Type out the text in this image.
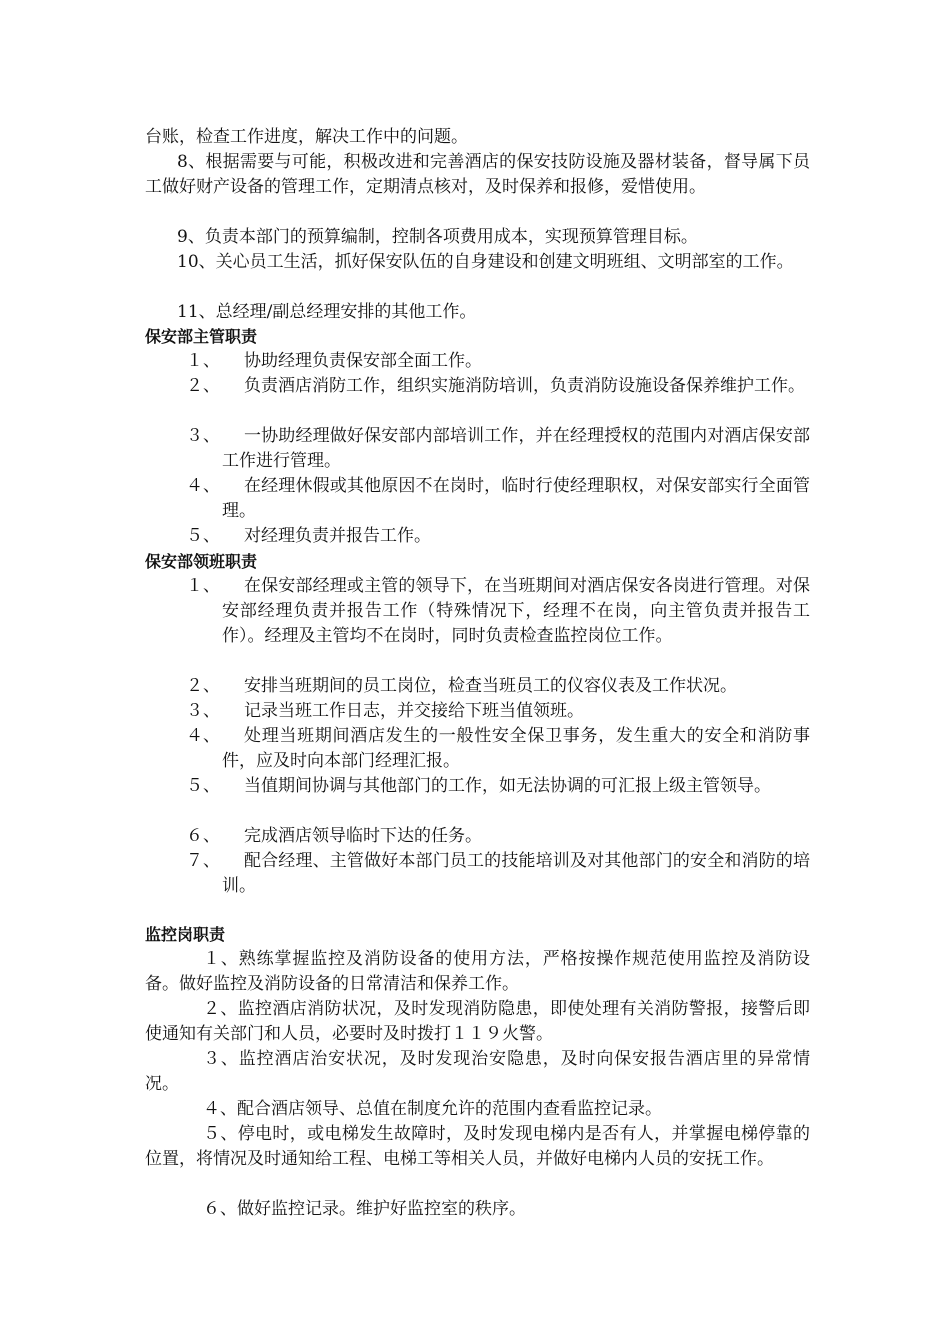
台账，检查工作进度，解决工作中的问题。

8、根据需要与可能，积极改进和完善酒店的保安技防设施及器材装备，督导属下员工做好财产设备的管理工作，定期清点核对，及时保养和报修，爱惜使用。

9、负责本部门的预算编制，控制各项费用成本，实现预算管理目标。

10、关心员工生活，抓好保安队伍的自身建设和创建文明班组、文明部室的工作。

11、总经理/副总经理安排的其他工作。

保安部主管职责
１、	协助经理负责保安部全面工作。
２、	负责酒店消防工作，组织实施消防培训，负责消防设施设备保养维护工作。
３、	一协助经理做好保安部内部培训工作，并在经理授权的范围内对酒店保安部工作进行管理。
４、	在经理休假或其他原因不在岗时，临时行使经理职权，对保安部实行全面管理。
５、	对经理负责并报告工作。
保安部领班职责
１、	在保安部经理或主管的领导下，在当班期间对酒店保安各岗进行管理。对保安部经理负责并报告工作（特殊情况下，经理不在岗，向主管负责并报告工作）。经理及主管均不在岗时，同时负责检查监控岗位工作。
２、	安排当班期间的员工岗位，检查当班员工的仪容仪表及工作状况。
３、	记录当班工作日志，并交接给下班当值领班。
４、	处理当班期间酒店发生的一般性安全保卫事务，发生重大的安全和消防事件，应及时向本部门经理汇报。
５、	当值期间协调与其他部门的工作，如无法协调的可汇报上级主管领导。
６、	完成酒店领导临时下达的任务。
７、	配合经理、主管做好本部门员工的技能培训及对其他部门的安全和消防的培训。
监控岗职责

１、熟练掌握监控及消防设备的使用方法，严格按操作规范使用监控及消防设备。做好监控及消防设备的日常清洁和保养工作。

２、监控酒店消防状况，及时发现消防隐患，即使处理有关消防警报，接警后即使通知有关部门和人员，必要时及时拨打１１９火警。

３、监控酒店治安状况，及时发现治安隐患，及时向保安报告酒店里的异常情况。

４、配合酒店领导、总值在制度允许的范围内查看监控记录。

５、停电时，或电梯发生故障时，及时发现电梯内是否有人，并掌握电梯停靠的位置，将情况及时通知给工程、电梯工等相关人员，并做好电梯内人员的安抚工作。

６、做好监控记录。维护好监控室的秩序。
